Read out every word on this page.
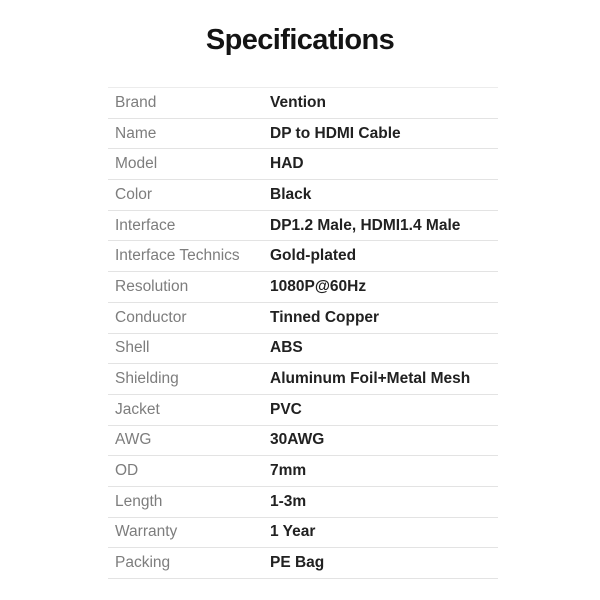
Specifications
Brand	Vention
Name	DP to HDMI Cable
Model	HAD
Color	Black
Interface	DP1.2 Male, HDMI1.4 Male
Interface Technics	Gold-plated
Resolution	1080P@60Hz
Conductor	Tinned Copper
Shell	ABS
Shielding	Aluminum Foil+Metal Mesh
Jacket	PVC
AWG	30AWG
OD	7mm
Length	1-3m
Warranty	1 Year
Packing	PE Bag
